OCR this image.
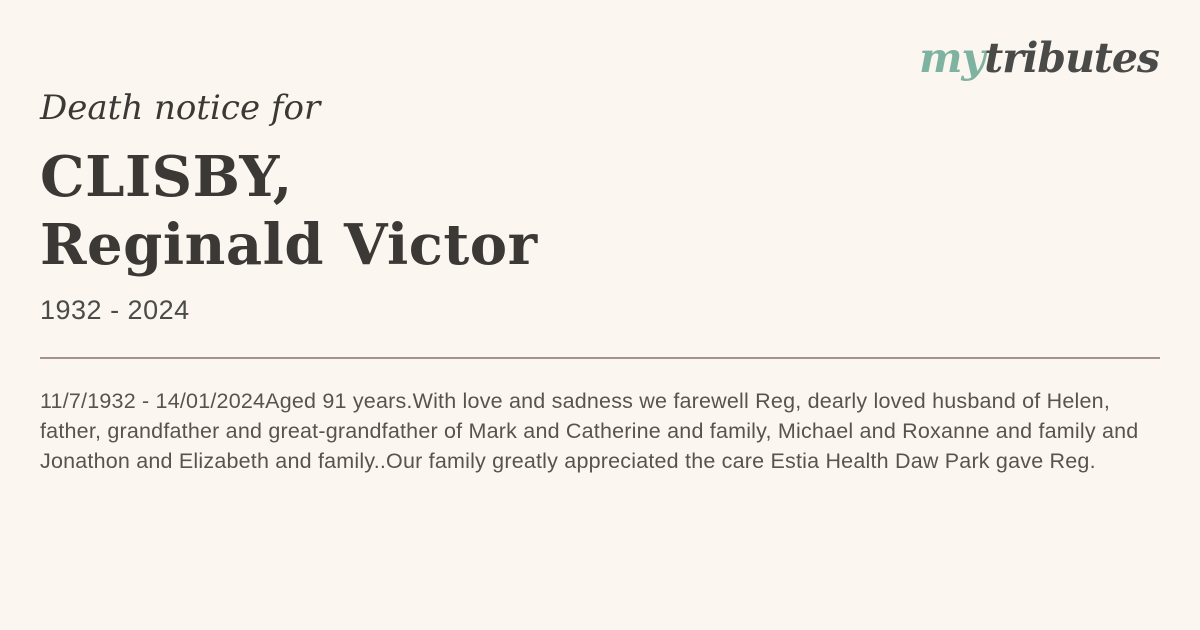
mytributes
Death notice for
CLISBY,
Reginald Victor
1932 - 2024

11/7/1932 - 14/01/2024Aged 91 years.With love and sadness we farewell Reg, dearly loved husband of Helen, father, grandfather and great-grandfather of Mark and Catherine and family, Michael and Roxanne and family and Jonathon and Elizabeth and family..Our family greatly appreciated the care Estia Health Daw Park gave Reg.
